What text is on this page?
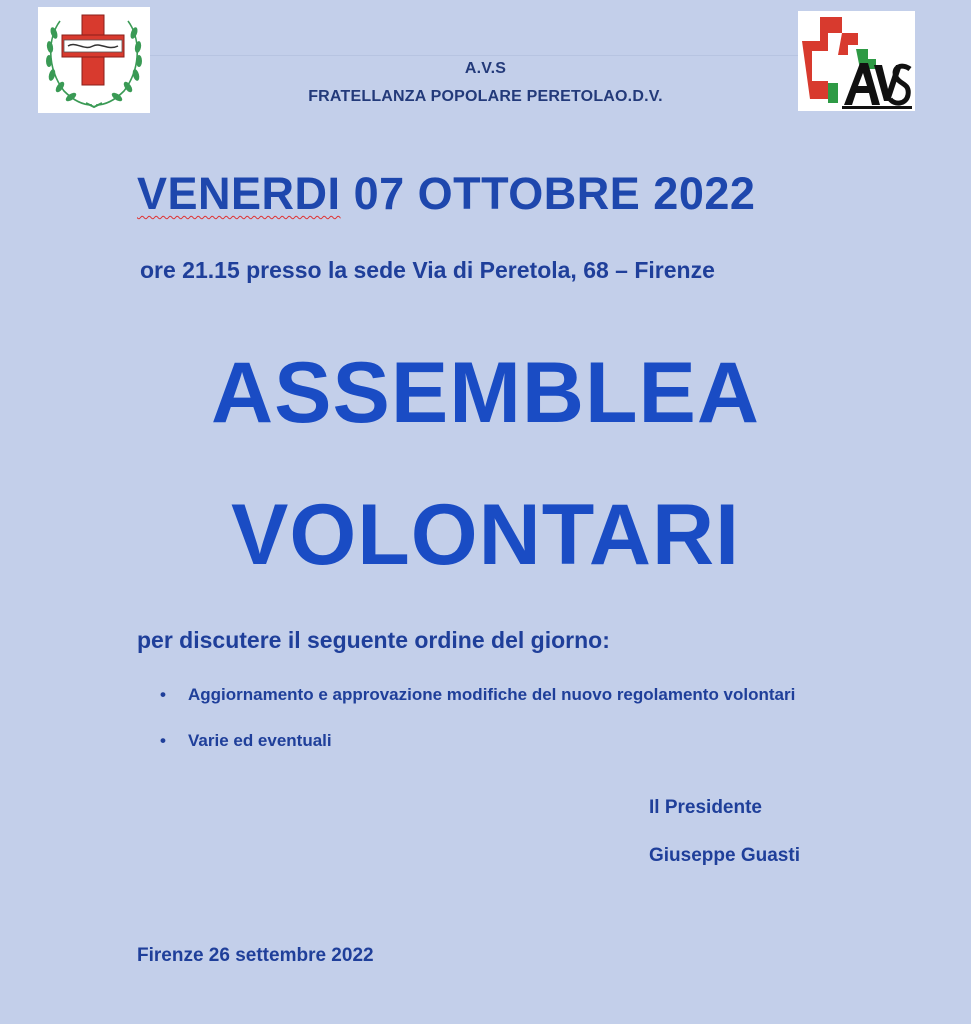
A.V.S
FRATELLANZA POPOLARE PERETOLAO.D.V.
VENERDI 07 OTTOBRE 2022
ore 21.15 presso la sede Via di Peretola, 68 – Firenze
ASSEMBLEA
VOLONTARI
per discutere il seguente ordine del giorno:
• Aggiornamento e approvazione modifiche del nuovo regolamento volontari
• Varie ed eventuali
Il Presidente
Giuseppe Guasti
Firenze 26 settembre 2022
